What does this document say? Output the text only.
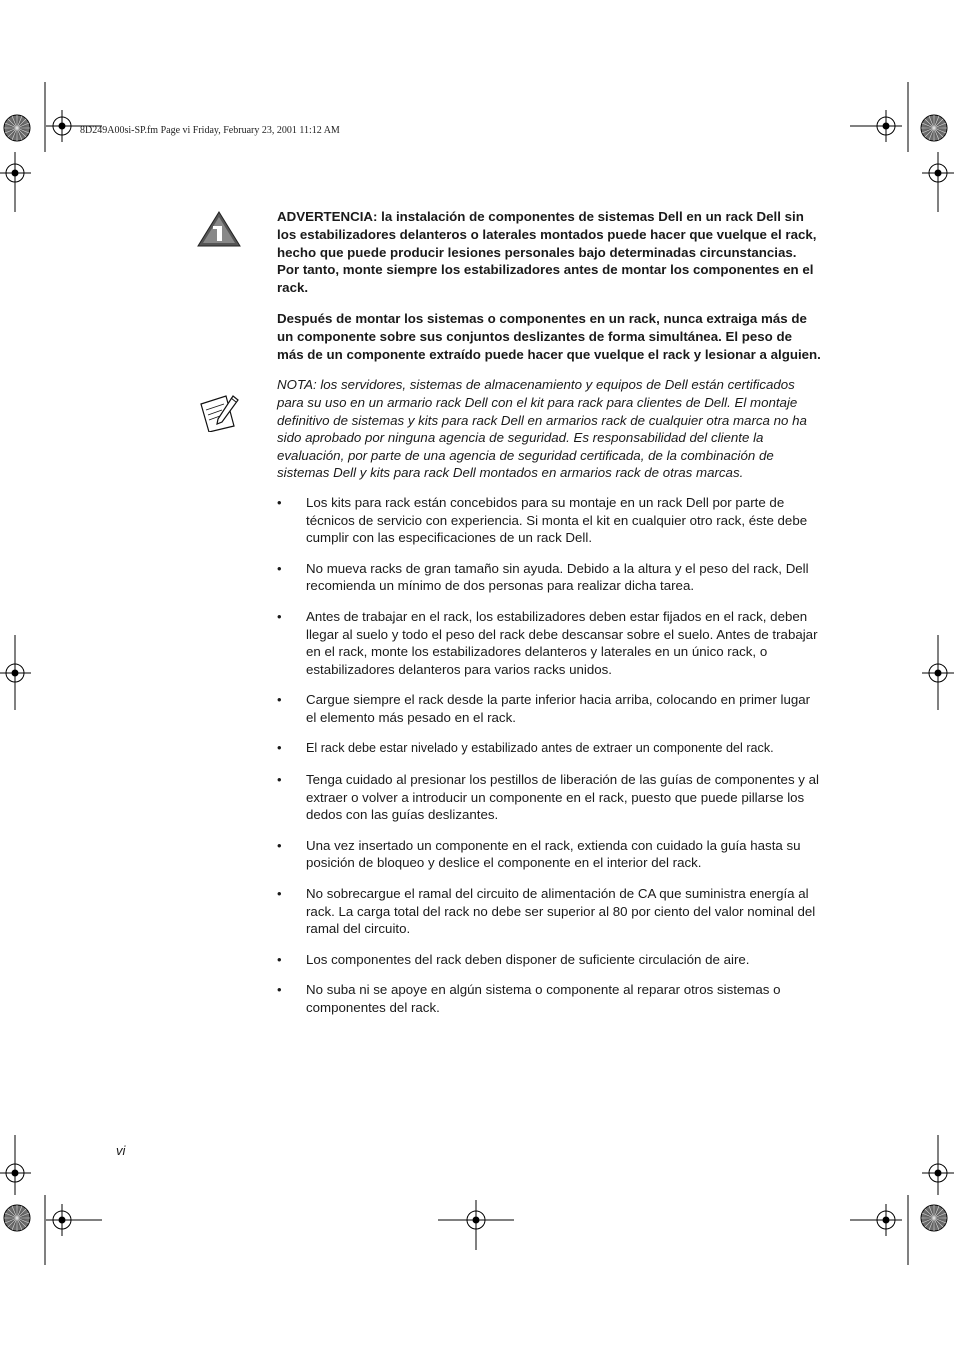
8D249A00si-SP.fm Page vi Friday, February 23, 2001 11:12 AM

ADVERTENCIA: la instalación de componentes de sistemas Dell en un rack Dell sin los estabilizadores delanteros o laterales montados puede hacer que vuelque el rack, hecho que puede producir lesiones personales bajo determinadas circunstancias. Por tanto, monte siempre los estabilizadores antes de montar los componentes en el rack.

Después de montar los sistemas o componentes en un rack, nunca extraiga más de un componente sobre sus conjuntos deslizantes de forma simultánea. El peso de más de un componente extraído puede hacer que vuelque el rack y lesionar a alguien.

NOTA: los servidores, sistemas de almacenamiento y equipos de Dell están certificados para su uso en un armario rack Dell con el kit para rack para clientes de Dell. El montaje definitivo de sistemas y kits para rack Dell en armarios rack de cualquier otra marca no ha sido aprobado por ninguna agencia de seguridad. Es responsabilidad del cliente la evaluación, por parte de una agencia de seguridad certificada, de la combinación de sistemas Dell y kits para rack Dell montados en armarios rack de otras marcas.

• Los kits para rack están concebidos para su montaje en un rack Dell por parte de técnicos de servicio con experiencia. Si monta el kit en cualquier otro rack, éste debe cumplir con las especificaciones de un rack Dell.
• No mueva racks de gran tamaño sin ayuda. Debido a la altura y el peso del rack, Dell recomienda un mínimo de dos personas para realizar dicha tarea.
• Antes de trabajar en el rack, los estabilizadores deben estar fijados en el rack, deben llegar al suelo y todo el peso del rack debe descansar sobre el suelo. Antes de trabajar en el rack, monte los estabilizadores delanteros y laterales en un único rack, o estabilizadores delanteros para varios racks unidos.
• Cargue siempre el rack desde la parte inferior hacia arriba, colocando en primer lugar el elemento más pesado en el rack.
• El rack debe estar nivelado y estabilizado antes de extraer un componente del rack.
• Tenga cuidado al presionar los pestillos de liberación de las guías de componentes y al extraer o volver a introducir un componente en el rack, puesto que puede pillarse los dedos con las guías deslizantes.
• Una vez insertado un componente en el rack, extienda con cuidado la guía hasta su posición de bloqueo y deslice el componente en el interior del rack.
• No sobrecargue el ramal del circuito de alimentación de CA que suministra energía al rack. La carga total del rack no debe ser superior al 80 por ciento del valor nominal del ramal del circuito.
• Los componentes del rack deben disponer de suficiente circulación de aire.
• No suba ni se apoye en algún sistema o componente al reparar otros sistemas o componentes del rack.
vi
